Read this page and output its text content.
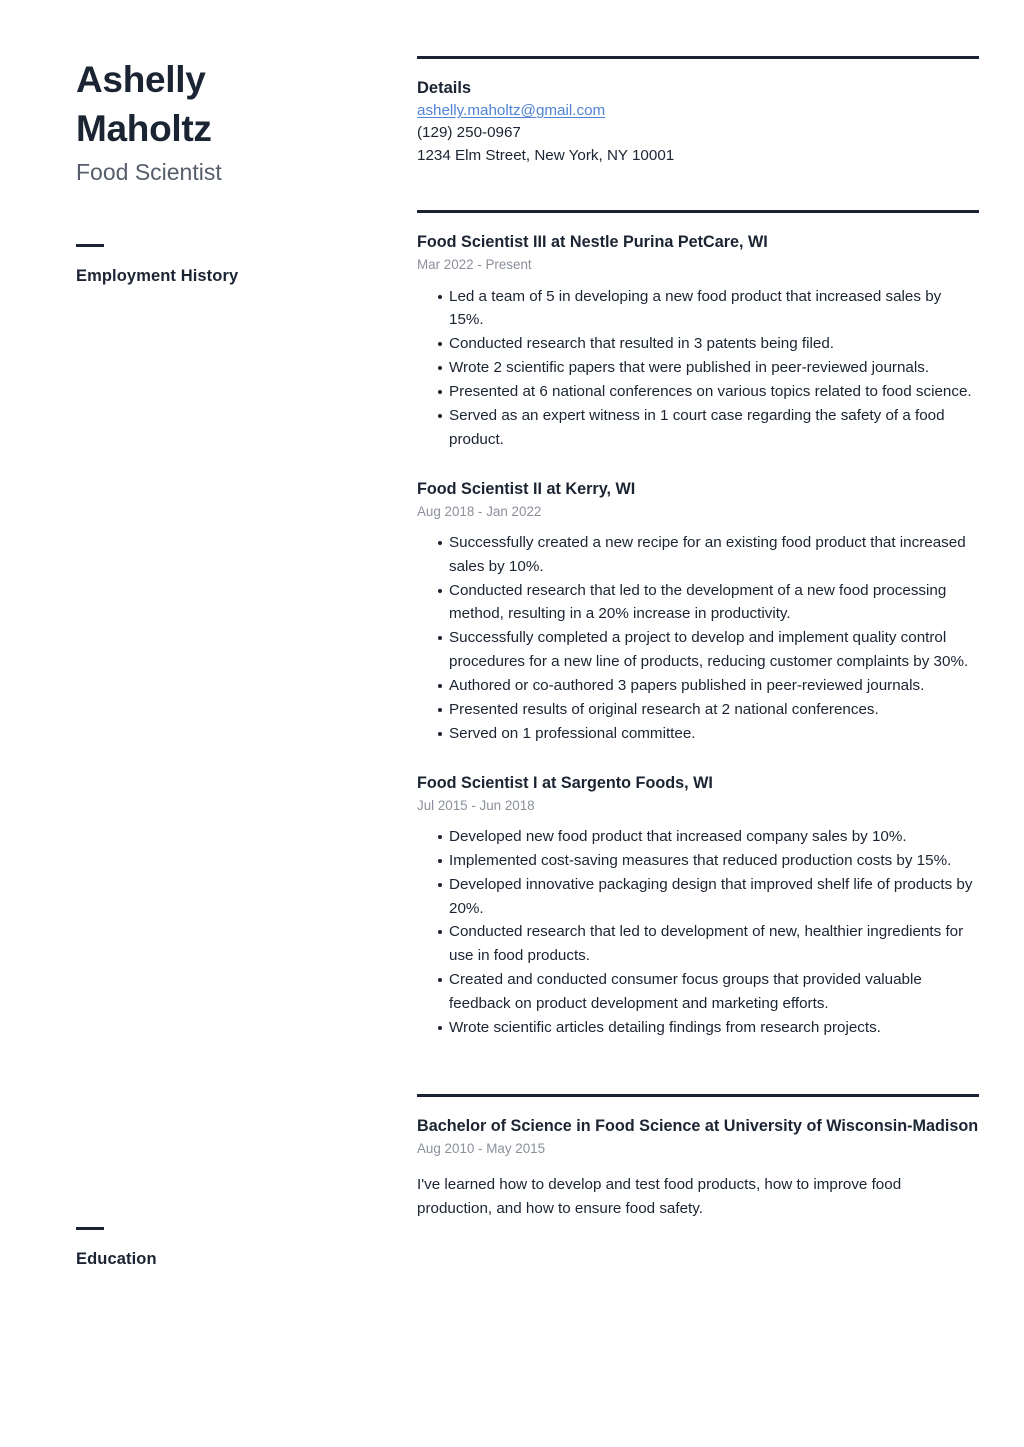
Ashelly
Maholtz
Food Scientist
Employment History
Education
Details
ashelly.maholtz@gmail.com
(129) 250-0967
1234 Elm Street, New York, NY 10001
Food Scientist III at Nestle Purina PetCare, WI
Mar 2022 - Present
Led a team of 5 in developing a new food product that increased sales by 15%.
Conducted research that resulted in 3 patents being filed.
Wrote 2 scientific papers that were published in peer-reviewed journals.
Presented at 6 national conferences on various topics related to food science.
Served as an expert witness in 1 court case regarding the safety of a food product.
Food Scientist II at Kerry, WI
Aug 2018 - Jan 2022
Successfully created a new recipe for an existing food product that increased sales by 10%.
Conducted research that led to the development of a new food processing method, resulting in a 20% increase in productivity.
Successfully completed a project to develop and implement quality control procedures for a new line of products, reducing customer complaints by 30%.
Authored or co-authored 3 papers published in peer-reviewed journals.
Presented results of original research at 2 national conferences.
Served on 1 professional committee.
Food Scientist I at Sargento Foods, WI
Jul 2015 - Jun 2018
Developed new food product that increased company sales by 10%.
Implemented cost-saving measures that reduced production costs by 15%.
Developed innovative packaging design that improved shelf life of products by 20%.
Conducted research that led to development of new, healthier ingredients for use in food products.
Created and conducted consumer focus groups that provided valuable feedback on product development and marketing efforts.
Wrote scientific articles detailing findings from research projects.
Bachelor of Science in Food Science at University of Wisconsin-Madison
Aug 2010 - May 2015

I've learned how to develop and test food products, how to improve food production, and how to ensure food safety.
